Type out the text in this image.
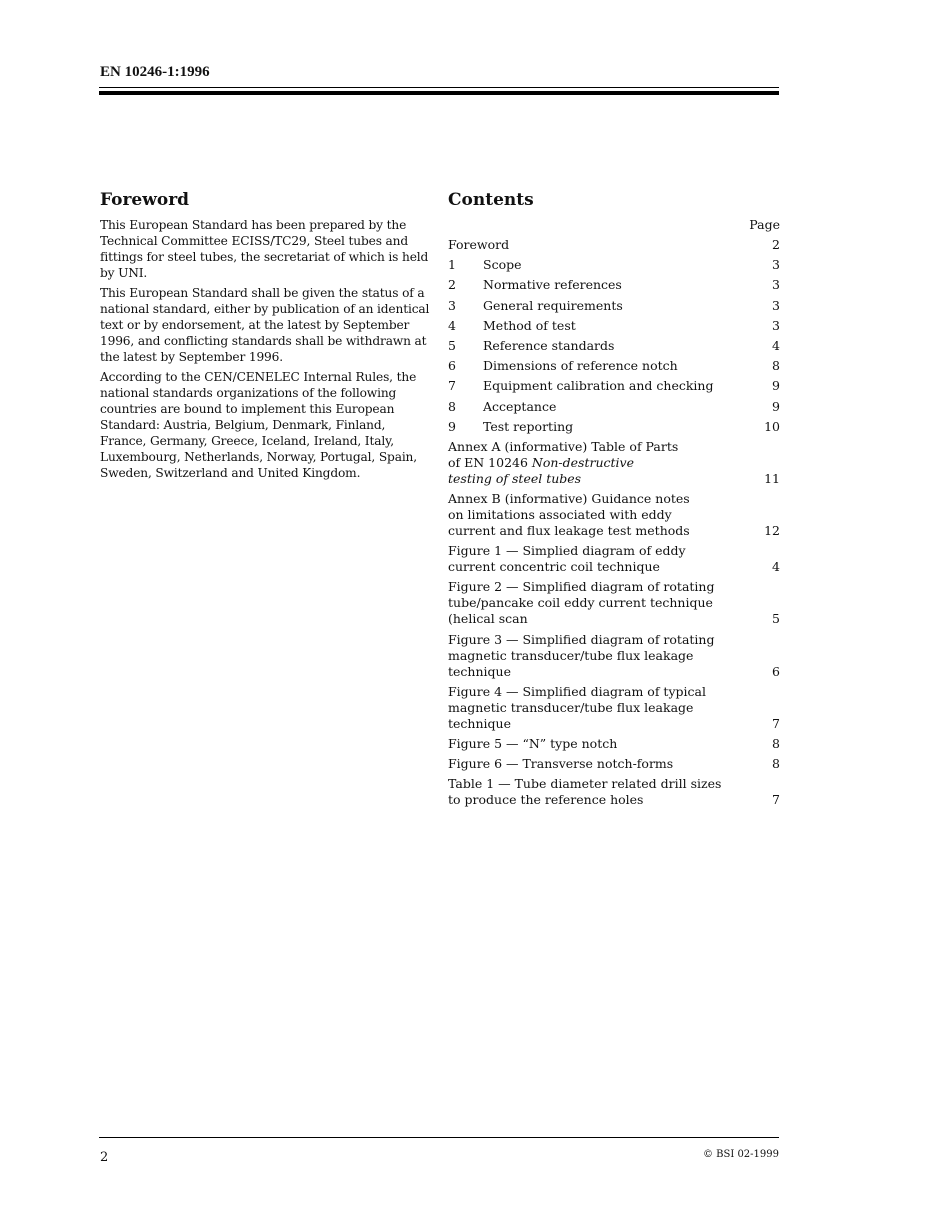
EN 10246-1:1996
Foreword

This European Standard has been prepared by the Technical Committee ECISS/TC29, Steel tubes and fittings for steel tubes, the secretariat of which is held by UNI.

This European Standard shall be given the status of a national standard, either by publication of an identical text or by endorsement, at the latest by September 1996, and conflicting standards shall be withdrawn at the latest by September 1996.

According to the CEN/CENELEC Internal Rules, the national standards organizations of the following countries are bound to implement this European Standard: Austria, Belgium, Denmark, Finland, France, Germany, Greece, Iceland, Ireland, Italy, Luxembourg, Netherlands, Norway, Portugal, Spain, Sweden, Switzerland and United Kingdom.

Contents
Page
Foreword	2
1 Scope	3
2 Normative references	3
3 General requirements	3
4 Method of test	3
5 Reference standards	4
6 Dimensions of reference notch	8
7 Equipment calibration and checking	9
8 Acceptance	9
9 Test reporting	10
Annex A (informative) Table of Parts
of EN 10246 Non-destructive
testing of steel tubes	11
Annex B (informative) Guidance notes
on limitations associated with eddy
current and flux leakage test methods	12
Figure 1 — Simplied diagram of eddy
current concentric coil technique	4
Figure 2 — Simplified diagram of rotating
tube/pancake coil eddy current technique
(helical scan	5
Figure 3 — Simplified diagram of rotating
magnetic transducer/tube flux leakage
technique	6
Figure 4 — Simplified diagram of typical
magnetic transducer/tube flux leakage
technique	7
Figure 5 — “N” type notch	8
Figure 6 — Transverse notch-forms	8
Table 1 — Tube diameter related drill sizes
to produce the reference holes	7
2	© BSI 02-1999
